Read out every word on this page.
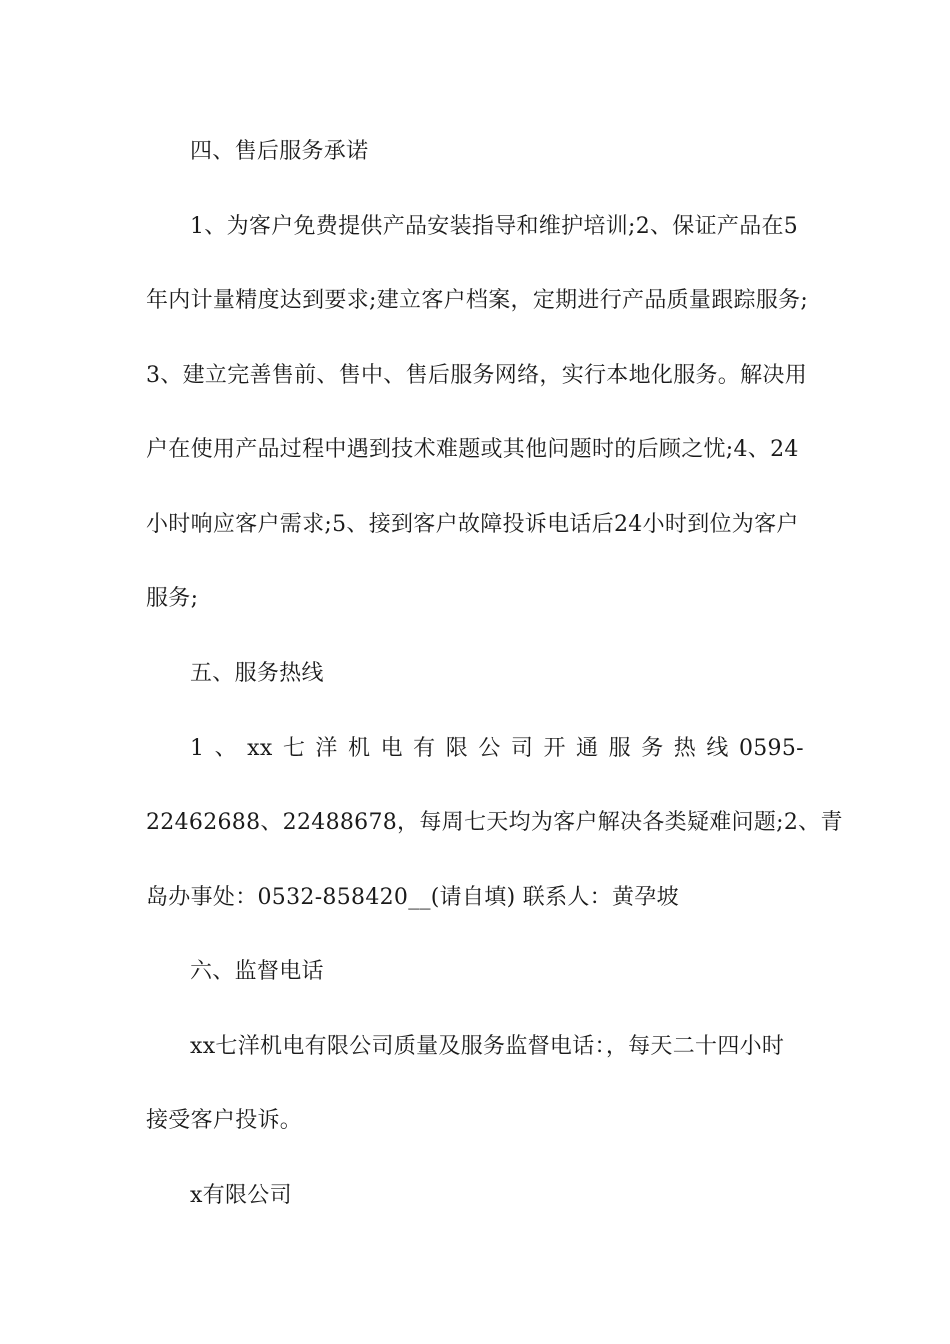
四、售后服务承诺
1、为客户免费提供产品安装指导和维护培训;2、保证产品在5
年内计量精度达到要求;建立客户档案，定期进行产品质量跟踪服务;
3、建立完善售前、售中、售后服务网络，实行本地化服务。解决用
户在使用产品过程中遇到技术难题或其他问题时的后顾之忧;4、24
小时响应客户需求;5、接到客户故障投诉电话后24小时到位为客户
服务;
五、服务热线
1 、 xx 七 洋 机 电 有 限 公 司 开 通 服 务 热 线 0595-
22462688、22488678，每周七天均为客户解决各类疑难问题;2、青
岛办事处：0532-858420__(请自填) 联系人：黄孕坡
六、监督电话
xx七洋机电有限公司质量及服务监督电话：，每天二十四小时
接受客户投诉。
x有限公司
